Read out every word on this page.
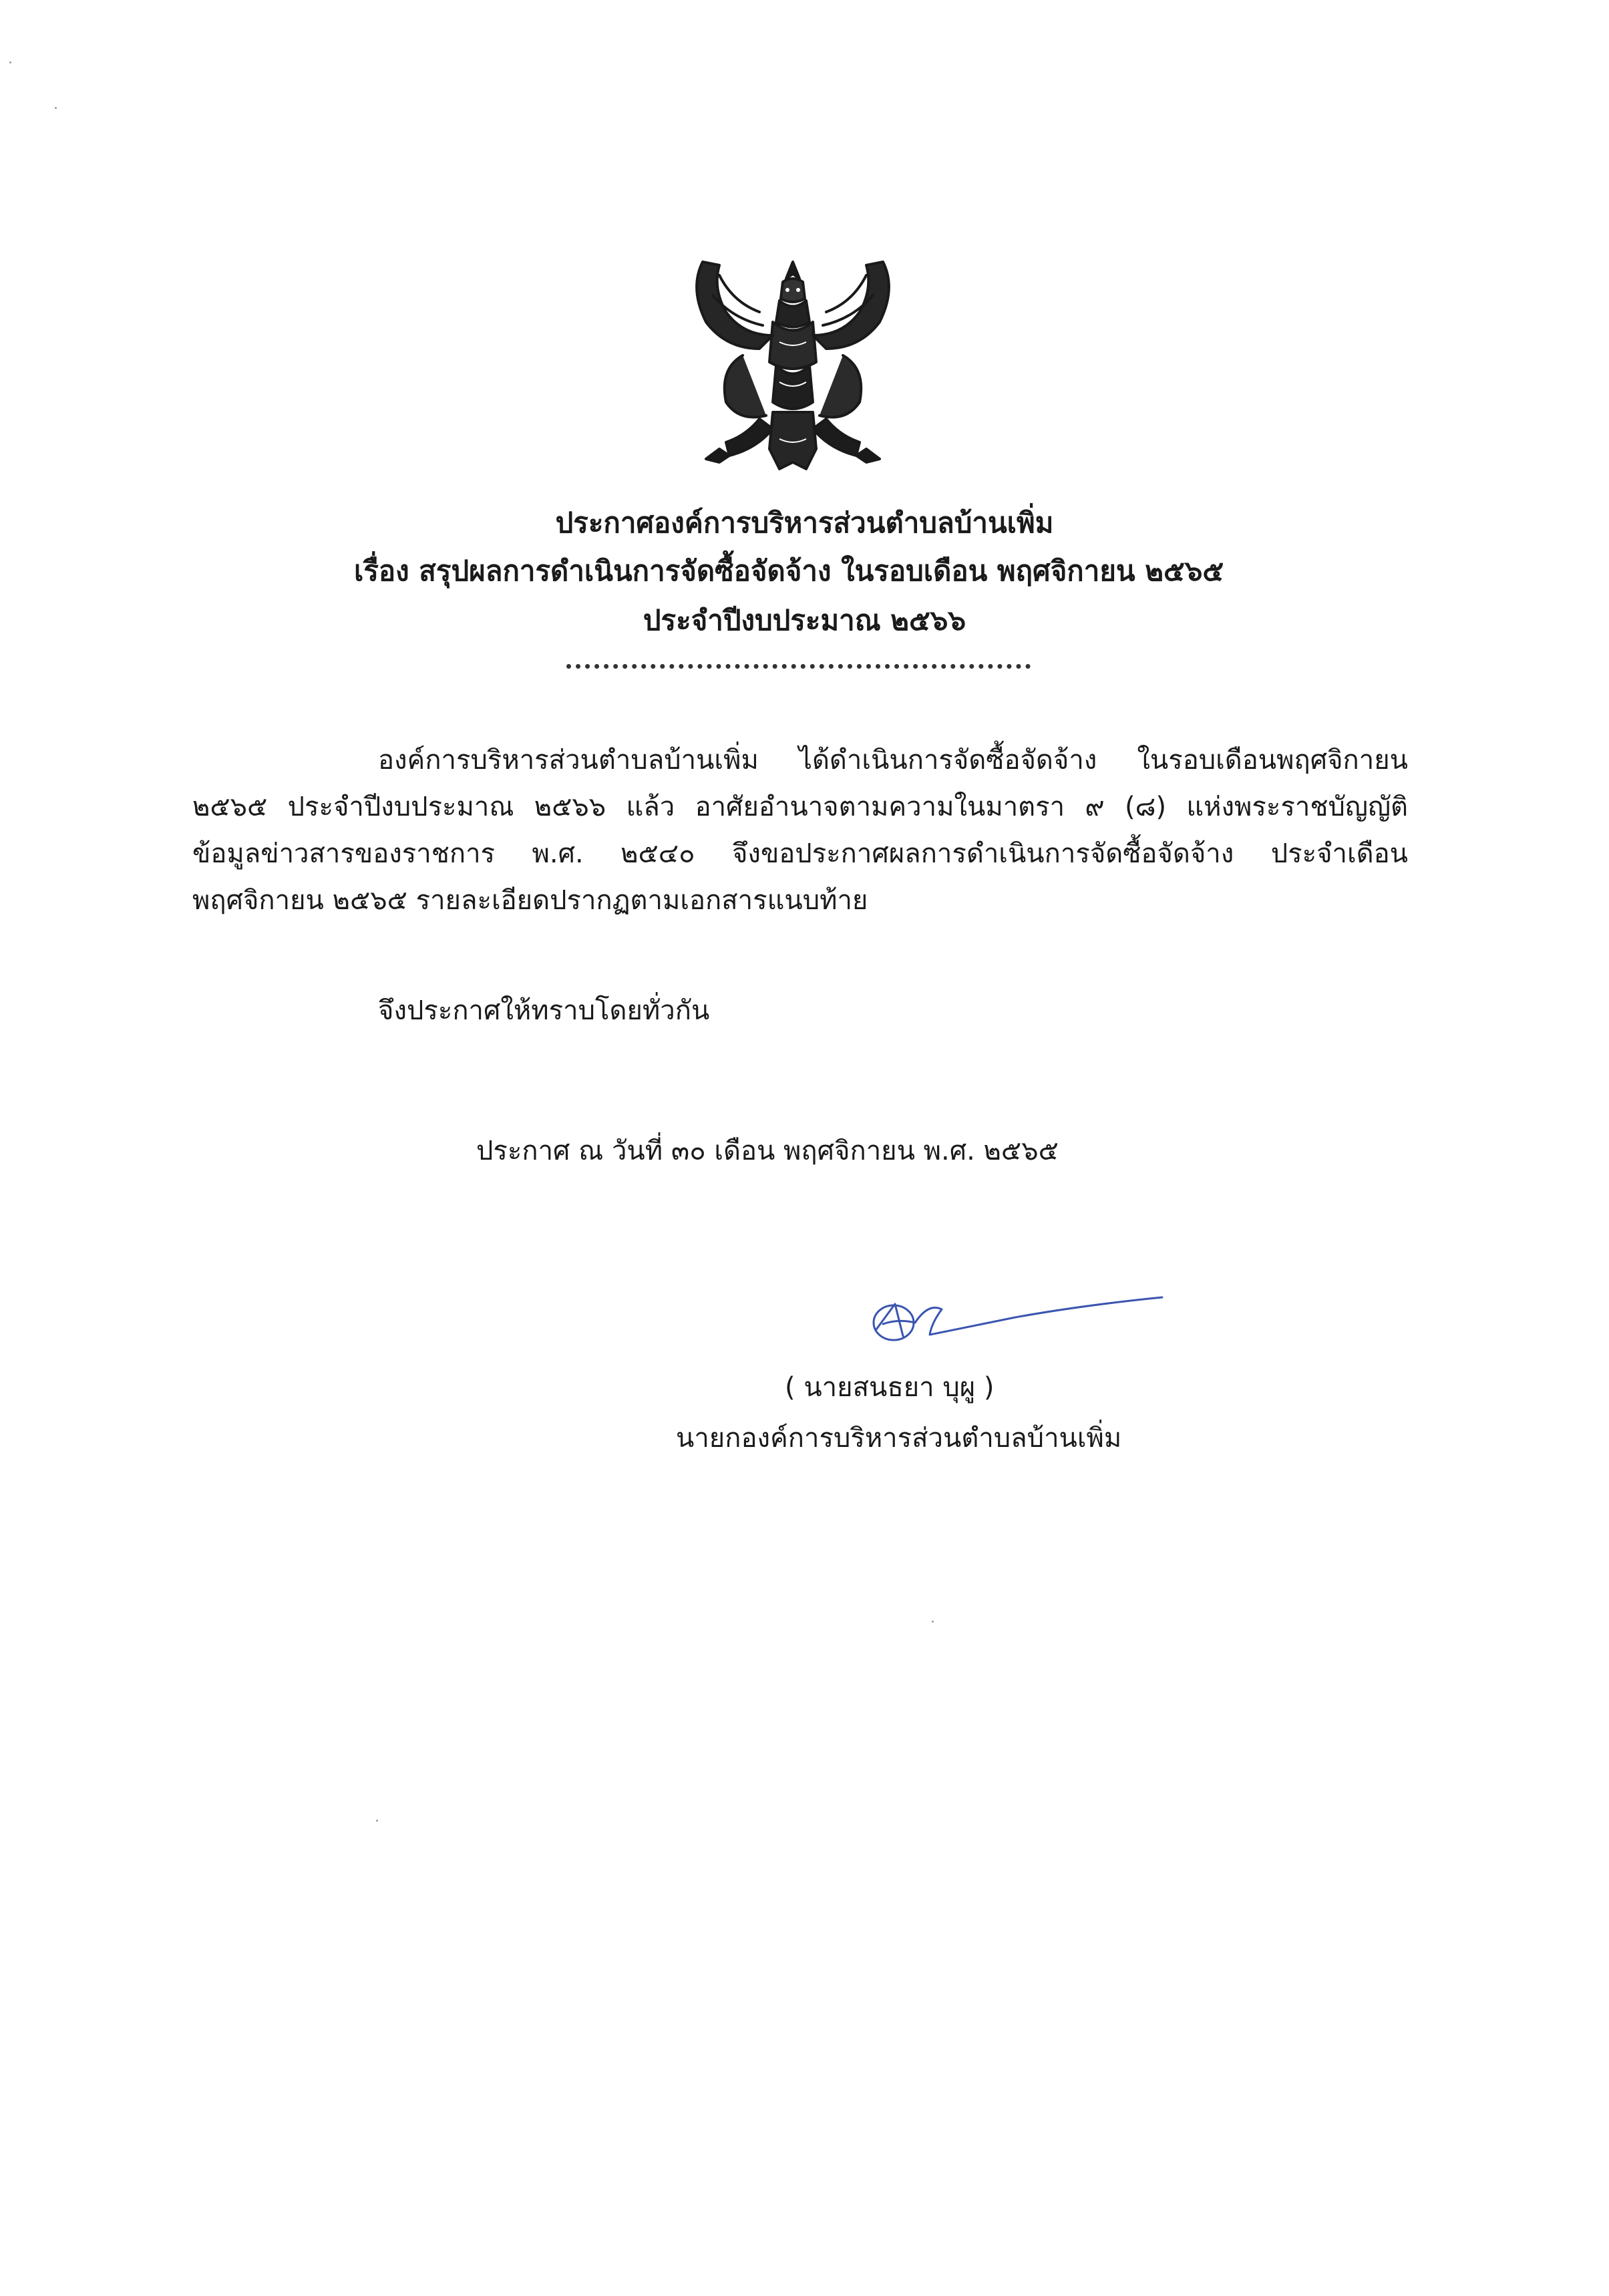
ประกาศองค์การบริหารส่วนตำบลบ้านเพิ่ม
เรื่อง สรุปผลการดำเนินการจัดซื้อจัดจ้าง ในรอบเดือน พฤศจิกายน ๒๕๖๕
ประจำปีงบประมาณ ๒๕๖๖
องค์การบริหารส่วนตำบลบ้านเพิ่ม ได้ดำเนินการจัดซื้อจัดจ้าง ในรอบเดือนพฤศจิกายน
๒๕๖๕ ประจำปีงบประมาณ ๒๕๖๖ แล้ว อาศัยอำนาจตามความในมาตรา ๙ (๘) แห่งพระราชบัญญัติ
ข้อมูลข่าวสารของราชการ พ.ศ. ๒๕๔๐ จึงขอประกาศผลการดำเนินการจัดซื้อจัดจ้าง ประจำเดือน
พฤศจิกายน ๒๕๖๕ รายละเอียดปรากฏตามเอกสารแนบท้าย
จึงประกาศให้ทราบโดยทั่วกัน
ประกาศ ณ วันที่ ๓๐ เดือน พฤศจิกายน พ.ศ. ๒๕๖๕
( นายสนธยา บุผู )
นายกองค์การบริหารส่วนตำบลบ้านเพิ่ม
